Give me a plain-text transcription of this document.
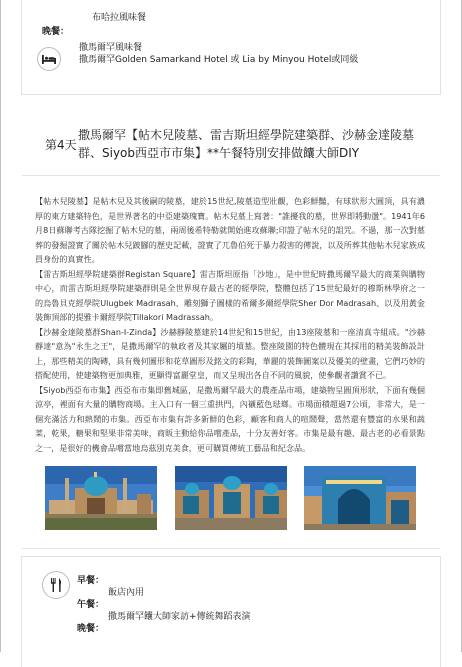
布哈拉風味餐
晚餐：
撒馬爾罕風味餐
撒馬爾罕Golden Samarkand Hotel 或 Lia by Minyou Hotel或同級
第4天
撒馬爾罕【帖木兒陵墓、雷吉斯坦經學院建築群、沙赫金達陵墓群、Siyob西亞市市集】**午餐特別安排做饢大師DIY

【帖木兒陵墓】是帖木兒及其後嗣的陵墓，建於15世紀,陵墓造型壯觀，色彩鮮豔，有球狀形大圓頂，具有濃厚的東方建築特色，是世界著名的中亞建築瑰寶。帖木兒墓上寫著："誰擾我的墓，世界即將動盪"。1941年6月8日蘇聯考古隊挖掘了帖木兒的墓，兩周後希特勒就開始進攻蘇聯;印證了帖木兒的詛咒。不過，那一次對墓葬的發掘證實了關於帖木兒跛腳的歷史記載，證實了兀魯伯死于暴力殺害的傳說，以及所葬其他帖木兒家族成員身份的真實性。

【雷吉斯坦經學院建築群Registan Square】雷吉斯坦原指「沙地」，是中世紀時撒馬爾罕最大的商業與購物中心，而雷吉斯坦經學院建築群則是全世界現存最古老的經學院，整體包括了15世紀最好的穆斯林學府之一的烏魯貝克經學院Ulugbek Madrasah、雕刻獅子圖樣的希爾多爾經學院Sher Dor Madrasah、以及用黃金裝飾頂部的提雅卡爾經學院Tillakori Madrassah。

【沙赫金達陵墓群Shan-I-Zinda】沙赫靜陵墓建於14世紀和15世紀，由13座陵墓和一座清真寺組成。"沙赫靜達"意為"永生之王"，是撒馬爾罕的執政者及其家屬的墳墓。整座陵園的特色體現在其採用的精美裝飾設計上，那些精美的陶磚，具有幾何圖形和花草圖形及銘文的彩陶，華麗的裝飾圖案以及優美的壁畫，它們巧妙的搭配使用，使建築物更加典雅，更顯得富麗堂皇，而又呈現出各自不同的風貌，使參觀者讚賞不已。

【Siyob西亞布市集】西亞布市集即舊城區，是撒馬爾罕最大的農產品市場，建築物呈圓頂形狀，下面有幾個涼亭，裡面有大量的購物商場。主入口有一個三重拱門，內襯藍色琺瑯。市場面積超過7公頃，非常大，是一個充滿活力和熱鬧的市集。西亞布市集有許多新鮮的色彩，顧客和商人的喧鬧聲，當然還有豐富的水果和蔬菜，乾果，糖果和堅果非常美味，商販主動給你品嚐產品，十分友善好客。市集是最有趣、最古老的必看景點之一，是很好的機會品嚐當地烏茲別克美食，更可購買傳統工藝品和紀念品。

早餐：
飯店內用
午餐：
撒馬爾罕饢大師家訪+傳統舞蹈表演
晚餐：
